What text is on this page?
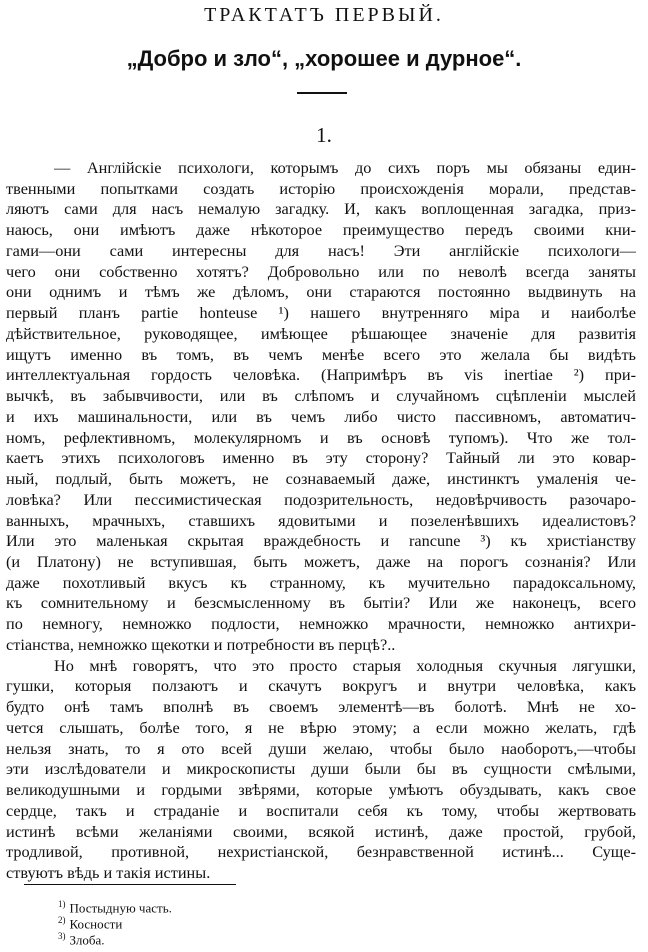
ТРАКТАТЪ ПЕРВЫЙ.
„Добро и зло“, „хорошее и дурное“.
1.
— Англійскіе психологи, которымъ до сихъ поръ мы обязаны един-
твенными попытками создать исторію происхожденія морали, представ-
ляютъ сами для насъ немалую загадку. И, какъ воплощенная загадка, приз-
наюсь, они имѣютъ даже нѣкоторое преимущество передъ своими кни-
гами—они сами интересны для насъ! Эти англійскіе психологи—
чего они собственно хотятъ? Добровольно или по неволѣ всегда заняты
они однимъ и тѣмъ же дѣломъ, они стараются постоянно выдвинуть на
первый планъ partie honteuse ¹) нашего внутренняго міра и наиболѣе
дѣйствительное, руководящее, имѣющее рѣшающее значеніе для развитія
ищутъ именно въ томъ, въ чемъ менѣе всего это желала бы видѣть
интеллектуальная гордость человѣка. (Напримѣръ въ vis inertiae ²) при-
вычкѣ, въ забывчивости, или въ слѣпомъ и случайномъ сцѣпленіи мыслей
и ихъ машинальности, или въ чемъ либо чисто пассивномъ, автоматич-
номъ, рефлективномъ, молекулярномъ и въ основѣ тупомъ). Что же тол-
каетъ этихъ психологовъ именно въ эту сторону? Тайный ли это ковар-
ный, подлый, быть можетъ, не сознаваемый даже, инстинктъ умаленія че-
ловѣка? Или пессимистическая подозрительность, недовѣрчивость разочаро-
ванныхъ, мрачныхъ, ставшихъ ядовитыми и позеленѣвшихъ идеалистовъ?
Или это маленькая скрытая враждебность и rancune ³) къ христіанству
(и Платону) не вступившая, быть можетъ, даже на порогъ сознанія? Или
даже похотливый вкусъ къ странному, къ мучительно парадоксальному,
къ сомнительному и безсмысленному въ бытіи? Или же наконецъ, всего
по немногу, немножко подлости, немножко мрачности, немножко антихри-
стіанства, немножко щекотки и потребности въ перцѣ?..
Но мнѣ говорятъ, что это просто старыя холодныя скучныя лягушки,
гушки, которыя ползаютъ и скачутъ вокругъ и внутри человѣка, какъ
будто онѣ тамъ вполнѣ въ своемъ элементѣ—въ болотѣ. Мнѣ не хо-
чется слышать, болѣе того, я не вѣрю этому; а если можно желать, гдѣ
нельзя знать, то я ото всей души желаю, чтобы было наоборотъ,—чтобы
эти изслѣдователи и микроскописты души были бы въ сущности смѣлыми,
великодушными и гордыми звѣрями, которые умѣютъ обуздывать, какъ свое
сердце, такъ и страданіе и воспитали себя къ тому, чтобы жертвовать
истинѣ всѣми желаніями своими, всякой истинѣ, даже простой, грубой,
тродливой, противной, нехристіанской, безнравственной истинѣ... Суще-
ствуютъ вѣдь и такія истины.
$^{1)}$ Постыдную часть.
$^{2)}$ Косности
$^{3)}$ Злоба.
